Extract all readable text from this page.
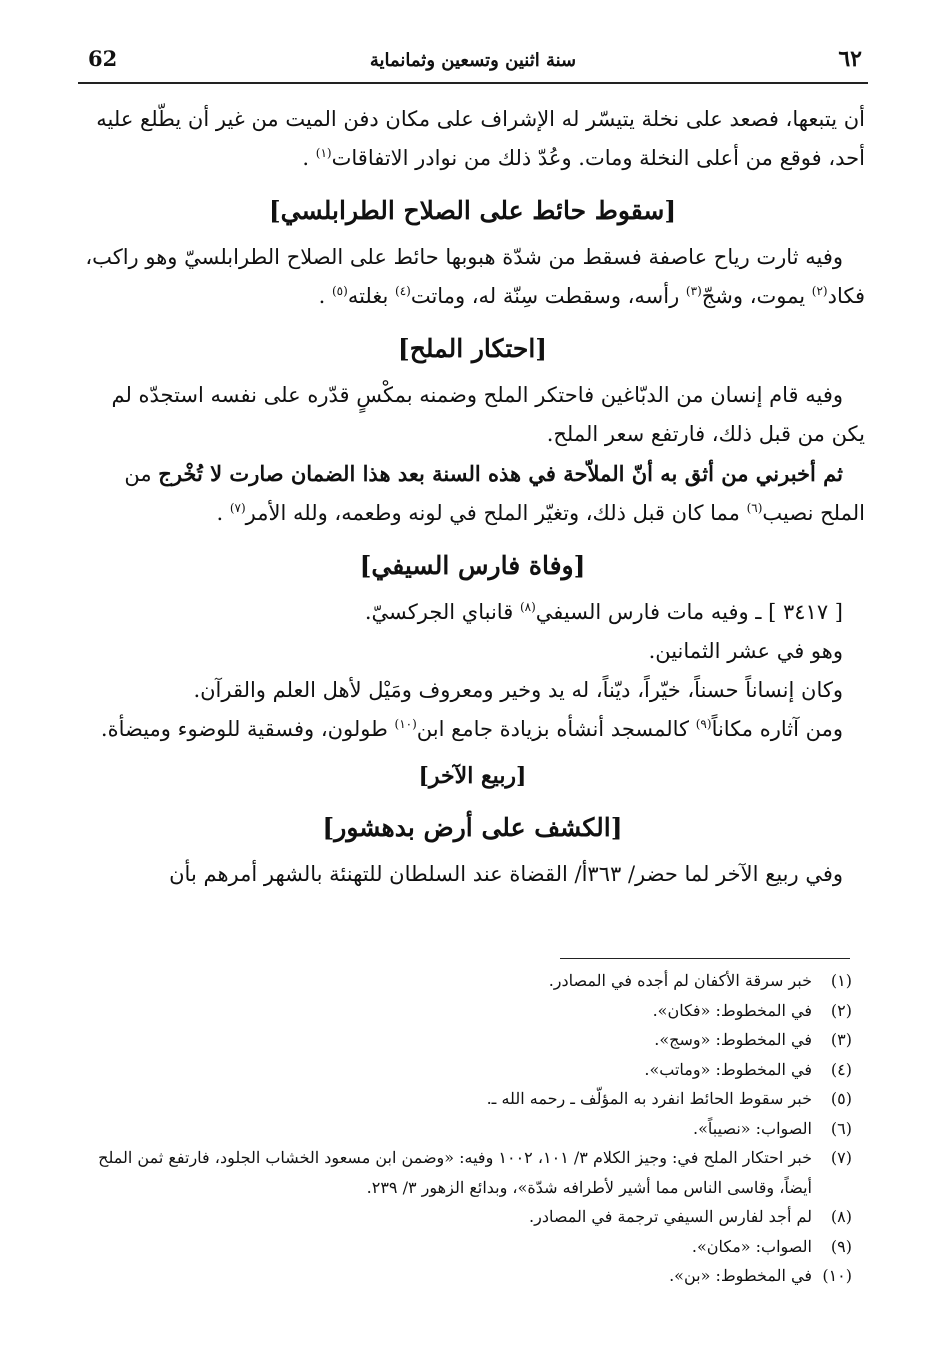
62	سنة اثنين وتسعين وثمانماية	٦٢

أن يتبعها، فصعد على نخلة يتيسّر له الإشراف على مكان دفن الميت من غير أن يطّلع عليه أحد، فوقع من أعلى النخلة ومات. وعُدّ ذلك من نوادر الاتفاقات$^{(١)}$ .

[سقوط حائط على الصلاح الطرابلسي]

وفيه ثارت رياح عاصفة فسقط من شدّة هبوبها حائط على الصلاح الطرابلسيّ وهو راكب، فكاد$^{(٢)}$ يموت، وشجّ$^{(٣)}$ رأسه، وسقطت سِنّة له، وماتت$^{(٤)}$ بغلته$^{(٥)}$ .

[احتكار الملح]

وفيه قام إنسان من الدبّاغين فاحتكر الملح وضمنه بمكْسٍ قدّره على نفسه استجدّه لم يكن من قبل ذلك، فارتفع سعر الملح.

ثم أخبرني من أثق به أنّ الملاّحة في هذه السنة بعد هذا الضمان صارت لا تُخْرج من الملح نصيب$^{(٦)}$ مما كان قبل ذلك، وتغيّر الملح في لونه وطعمه، ولله الأمر$^{(٧)}$ .

[وفاة فارس السيفي]

[ ٣٤١٧ ] ـ وفيه مات فارس السيفي$^{(٨)}$ قانباي الجركسيّ.

وهو في عشر الثمانين.

وكان إنساناً حسناً، خيّراً، ديّناً، له يد وخير ومعروف ومَيْل لأهل العلم والقرآن.

ومن آثاره مكاناً$^{(٩)}$ كالمسجد أنشأه بزيادة جامع ابن$^{(١٠)}$ طولون، وفسقية للوضوء وميضأة.

[ربيع الآخر]
[الكشف على أرض بدهشور]

وفي ربيع الآخر لما حضر/ ٣٦٣أ/ القضاة عند السلطان للتهنئة بالشهر أمرهم بأن

(١)
خبر سرقة الأكفان لم أجده في المصادر.
(٢)
في المخطوط: «فكان».
(٣)
في المخطوط: «وسج».
(٤)
في المخطوط: «وماتب».
(٥)
خبر سقوط الحائط انفرد به المؤلّف ـ رحمه الله ـ.
(٦)
الصواب: «نصيباً».
(٧)
خبر احتكار الملح في: وجيز الكلام ٣/ ١٠١، ١٠٠٢ وفيه: «وضمن ابن مسعود الخشاب الجلود، فارتفع ثمن الملح أيضاً، وقاسى الناس مما أشير لأطرافه شدّة»، وبدائع الزهور ٣/ ٢٣٩.
(٨)
لم أجد لفارس السيفي ترجمة في المصادر.
(٩)
الصواب: «مكان».
(١٠)
في المخطوط: «بن».
